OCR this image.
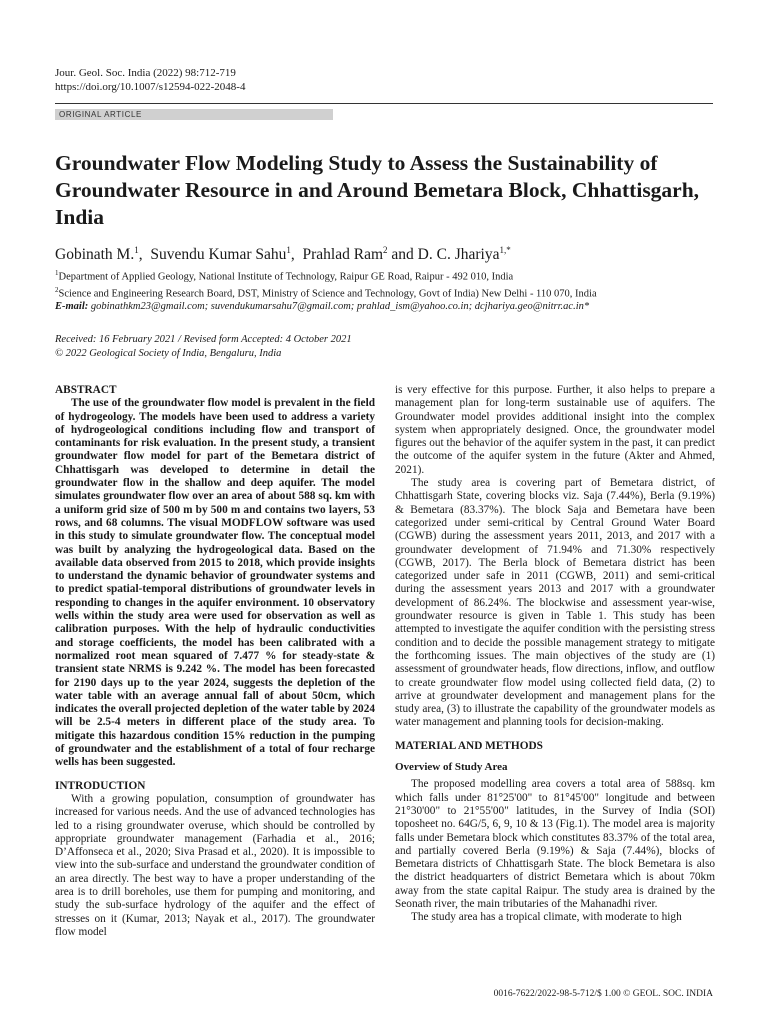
Jour. Geol. Soc. India (2022) 98:712-719
https://doi.org/10.1007/s12594-022-2048-4
ORIGINAL ARTICLE
Groundwater Flow Modeling Study to Assess the Sustainability of Groundwater Resource in and Around Bemetara Block, Chhattisgarh, India
Gobinath M.$^1$,  Suvendu Kumar Sahu$^1$,  Prahlad Ram$^2$ and D. C. Jhariya$^{1,*}$
$^1$Department of Applied Geology, National Institute of Technology, Raipur GE Road, Raipur - 492 010, India
$^2$Science and Engineering Research Board, DST, Ministry of Science and Technology, Govt of India) New Delhi - 110 070, India
E-mail: gobinathkm23@gmail.com; suvendukumarsahu7@gmail.com; prahlad_ism@yahoo.co.in; dcjhariya.geo@nitrr.ac.in*
Received: 16 February 2021 / Revised form Accepted: 4 October 2021
© 2022 Geological Society of India, Bengaluru, India
ABSTRACT

The use of the groundwater flow model is prevalent in the field of hydrogeology. The models have been used to address a variety of hydrogeological conditions including flow and transport of contaminants for risk evaluation. In the present study, a transient groundwater flow model for part of the Bemetara district of Chhattisgarh was developed to determine in detail the groundwater flow in the shallow and deep aquifer. The model simulates groundwater flow over an area of about 588 sq. km with a uniform grid size of 500 m by 500 m and contains two layers, 53 rows, and 68 columns. The visual MODFLOW software was used in this study to simulate groundwater flow. The conceptual model was built by analyzing the hydrogeological data. Based on the available data observed from 2015 to 2018, which provide insights to understand the dynamic behavior of groundwater systems and to predict spatial-temporal distributions of groundwater levels in responding to changes in the aquifer environment. 10 observatory wells within the study area were used for observation as well as calibration purposes. With the help of hydraulic conductivities and storage coefficients, the model has been calibrated with a normalized root mean squared of 7.477 % for steady-state & transient state NRMS is 9.242 %. The model has been forecasted for 2190 days up to the year 2024, suggests the depletion of the water table with an average annual fall of about 50cm, which indicates the overall projected depletion of the water table by 2024 will be 2.5-4 meters in different place of the study area. To mitigate this hazardous condition 15% reduction in the pumping of groundwater and the establishment of a total of four recharge wells has been suggested.

INTRODUCTION

With a growing population, consumption of groundwater has increased for various needs. And the use of advanced technologies has led to a rising groundwater overuse, which should be controlled by appropriate groundwater management (Farhadia et al., 2016; D’Affonseca et al., 2020; Siva Prasad et al., 2020). It is impossible to view into the sub-surface and understand the groundwater condition of an area directly. The best way to have a proper understanding of the area is to drill boreholes, use them for pumping and monitoring, and study the sub-surface hydrology of the aquifer and the effect of stresses on it (Kumar, 2013; Nayak et al., 2017). The groundwater flow model

is very effective for this purpose. Further, it also helps to prepare a management plan for long-term sustainable use of aquifers. The Groundwater model provides additional insight into the complex system when appropriately designed. Once, the groundwater model figures out the behavior of the aquifer system in the past, it can predict the outcome of the aquifer system in the future (Akter and Ahmed, 2021).

The study area is covering part of Bemetara district, of Chhattisgarh State, covering blocks viz. Saja (7.44%), Berla (9.19%) & Bemetara (83.37%). The block Saja and Bemetara have been categorized under semi-critical by Central Ground Water Board (CGWB) during the assessment years 2011, 2013, and 2017 with a groundwater development of 71.94% and 71.30% respectively (CGWB, 2017). The Berla block of Bemetara district has been categorized under safe in 2011 (CGWB, 2011) and semi-critical during the assessment years 2013 and 2017 with a groundwater development of 86.24%. The blockwise and assessment year-wise, groundwater resource is given in Table 1. This study has been attempted to investigate the aquifer condition with the persisting stress condition and to decide the possible management strategy to mitigate the forthcoming issues. The main objectives of the study are (1) assessment of groundwater heads, flow directions, inflow, and outflow to create groundwater flow model using collected field data, (2) to arrive at groundwater development and management plans for the study area, (3) to illustrate the capability of the groundwater models as water management and planning tools for decision-making.

MATERIAL AND METHODS
Overview of Study Area

The proposed modelling area covers a total area of 588sq. km which falls under 81°25'00" to 81°45'00" longitude and between 21°30'00" to 21°55'00" latitudes, in the Survey of India (SOI) toposheet no. 64G/5, 6, 9, 10 & 13 (Fig.1). The model area is majority falls under Bemetara block which constitutes 83.37% of the total area, and partially covered Berla (9.19%) & Saja (7.44%), blocks of Bemetara districts of Chhattisgarh State. The block Bemetara is also the district headquarters of district Bemetara which is about 70km away from the state capital Raipur. The study area is drained by the Seonath river, the main tributaries of the Mahanadhi river.

The study area has a tropical climate, with moderate to high

0016-7622/2022-98-5-712/$ 1.00 © GEOL. SOC. INDIA
